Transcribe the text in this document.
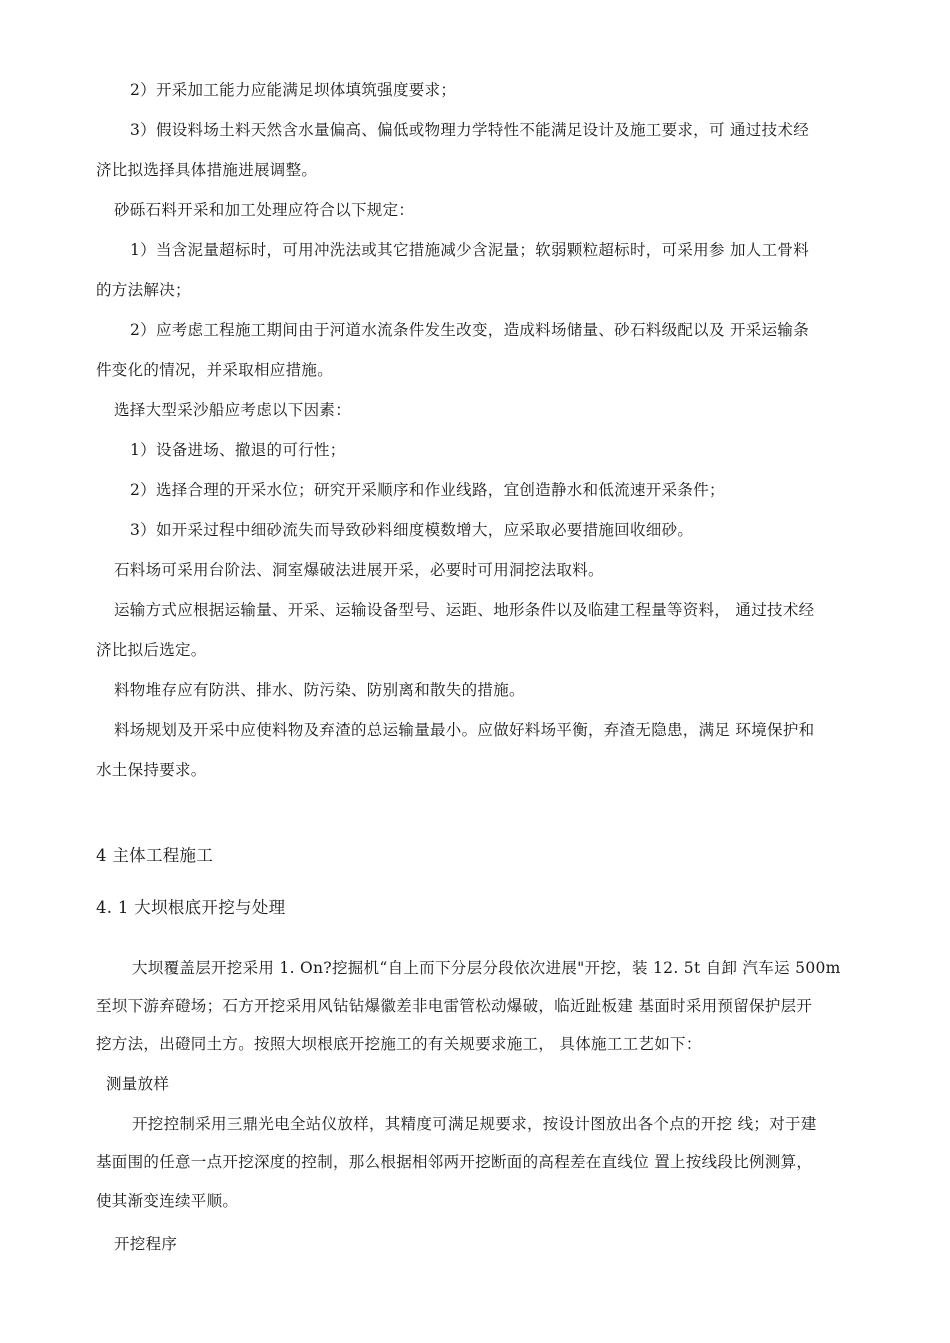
2）开采加工能力应能满足坝体填筑强度要求；
3）假设料场土料天然含水量偏高、偏低或物理力学特性不能满足设计及施工要求，可 通过技术经
济比拟选择具体措施进展调整。
砂砾石料开采和加工处理应符合以下规定：
1）当含泥量超标时，可用冲洗法或其它措施减少含泥量；软弱颗粒超标时，可采用参 加人工骨料
的方法解决；
2）应考虑工程施工期间由于河道水流条件发生改变，造成料场储量、砂石料级配以及 开采运输条
件变化的情况，并采取相应措施。
选择大型采沙船应考虑以下因素：
1）设备进场、撤退的可行性；
2）选择合理的开采水位；研究开采顺序和作业线路，宜创造静水和低流速开采条件；
3）如开采过程中细砂流失而导致砂料细度模数增大，应采取必要措施回收细砂。
石料场可采用台阶法、洞室爆破法进展开采，必要时可用洞挖法取料。
运输方式应根据运输量、开采、运输设备型号、运距、地形条件以及临建工程量等资料， 通过技术经
济比拟后选定。
料物堆存应有防洪、排水、防污染、防别离和散失的措施。
料场规划及开采中应使料物及弃渣的总运输量最小。应做好料场平衡，弃渣无隐患，满足 环境保护和
水土保持要求。
4 主体工程施工
4. 1 大坝根底开挖与处理
大坝覆盖层开挖采用 1. On?挖掘机“自上而下分层分段依次进展"开挖，装 12. 5t 自卸 汽车运 500m
至坝下游弃磴场；石方开挖采用风钻钻爆徽差非电雷管松动爆破，临近趾板建 基面时采用预留保护层开
挖方法，出磴同土方。按照大坝根底开挖施工的有关规要求施工， 具体施工工艺如下：
测量放样
开挖控制采用三鼎光电全站仪放样，其精度可满足规要求，按设计图放出各个点的开挖 线；对于建
基面围的任意一点开挖深度的控制，那么根据相邻两开挖断面的高程差在直线位 置上按线段比例测算，
使其渐变连续平顺。
开挖程序
